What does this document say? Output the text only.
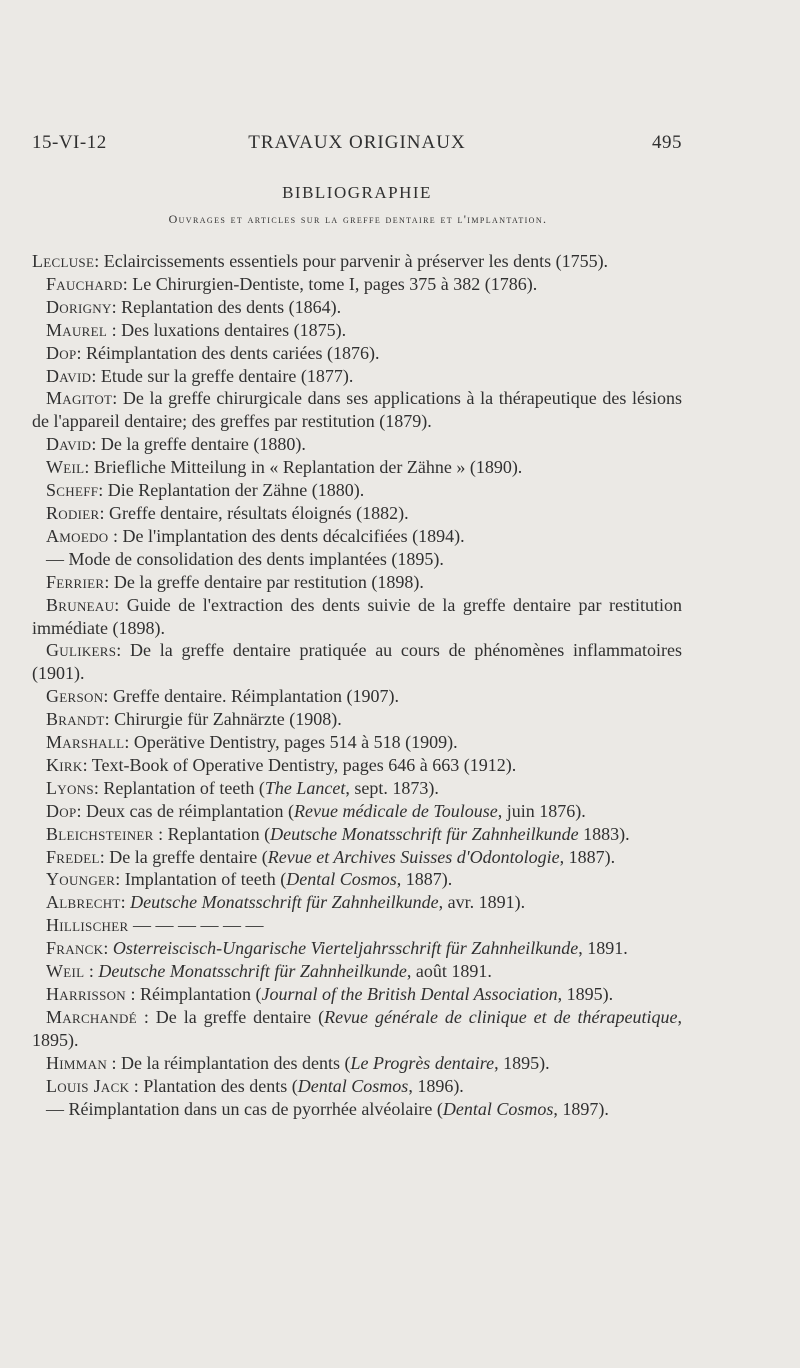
15-VI-12	TRAVAUX ORIGINAUX	495
BIBLIOGRAPHIE
Ouvrages et articles sur la greffe dentaire et l'implantation.

Lecluse: Eclaircissements essentiels pour parvenir à préserver les dents (1755).

Fauchard: Le Chirurgien-Dentiste, tome I, pages 375 à 382 (1786).

Dorigny: Replantation des dents (1864).

Maurel : Des luxations dentaires (1875).

Dop: Réimplantation des dents cariées (1876).

David: Etude sur la greffe dentaire (1877).

Magitot: De la greffe chirurgicale dans ses applications à la thérapeutique des lésions de l'appareil dentaire; des greffes par restitution (1879).

David: De la greffe dentaire (1880).

Weil: Briefliche Mitteilung in « Replantation der Zähne » (1890).

Scheff: Die Replantation der Zähne (1880).

Rodier: Greffe dentaire, résultats éloignés (1882).

Amoedo : De l'implantation des dents décalcifiées (1894).

— Mode de consolidation des dents implantées (1895).

Ferrier: De la greffe dentaire par restitution (1898).

Bruneau: Guide de l'extraction des dents suivie de la greffe dentaire par restitution immédiate (1898).

Gulikers: De la greffe dentaire pratiquée au cours de phénomènes inflammatoires (1901).

Gerson: Greffe dentaire. Réimplantation (1907).

Brandt: Chirurgie für Zahnärzte (1908).

Marshall: Operätive Dentistry, pages 514 à 518 (1909).

Kirk: Text-Book of Operative Dentistry, pages 646 à 663 (1912).

Lyons: Replantation of teeth (The Lancet, sept. 1873).

Dop: Deux cas de réimplantation (Revue médicale de Toulouse, juin 1876).

Bleichsteiner : Replantation (Deutsche Monatsschrift für Zahnheilkunde 1883).

Fredel: De la greffe dentaire (Revue et Archives Suisses d'Odontologie, 1887).

Younger: Implantation of teeth (Dental Cosmos, 1887).

Albrecht: Deutsche Monatsschrift für Zahnheilkunde, avr. 1891).

Hillischer — — — — — —

Franck: Osterreiscisch-Ungarische Vierteljahrsschrift für Zahnheilkunde, 1891.

Weil : Deutsche Monatsschrift für Zahnheilkunde, août 1891.

Harrisson : Réimplantation (Journal of the British Dental Association, 1895).

Marchandé : De la greffe dentaire (Revue générale de clinique et de thérapeutique, 1895).

Himman : De la réimplantation des dents (Le Progrès dentaire, 1895).

Louis Jack : Plantation des dents (Dental Cosmos, 1896).

— Réimplantation dans un cas de pyorrhée alvéolaire (Dental Cosmos, 1897).
